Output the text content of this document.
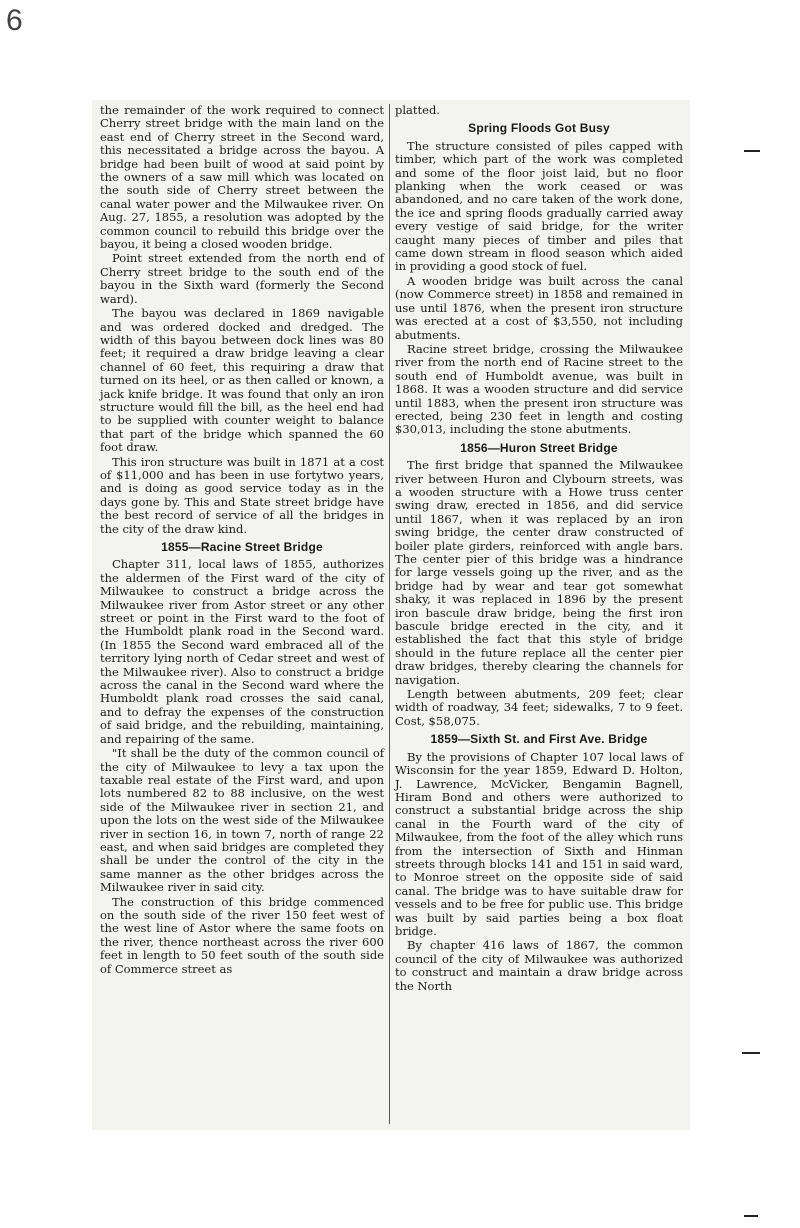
6

the remainder of the work required to connect Cherry street bridge with the main land on the east end of Cherry street in the Second ward, this necessitated a bridge across the bayou. A bridge had been built of wood at said point by the owners of a saw mill which was located on the south side of Cherry street between the canal water power and the Milwaukee river. On Aug. 27, 1855, a resolution was adopted by the common council to rebuild this bridge over the bayou, it being a closed wooden bridge.

Point street extended from the north end of Cherry street bridge to the south end of the bayou in the Sixth ward (formerly the Second ward).

The bayou was declared in 1869 navigable and was ordered docked and dredged. The width of this bayou between dock lines was 80 feet; it required a draw bridge leaving a clear channel of 60 feet, this requiring a draw that turned on its heel, or as then called or known, a jack knife bridge. It was found that only an iron structure would fill the bill, as the heel end had to be supplied with counter weight to balance that part of the bridge which spanned the 60 foot draw.

This iron structure was built in 1871 at a cost of $11,000 and has been in use fortytwo years, and is doing as good service today as in the days gone by. This and State street bridge have the best record of service of all the bridges in the city of the draw kind.

1855—Racine Street Bridge

Chapter 311, local laws of 1855, authorizes the aldermen of the First ward of the city of Milwaukee to construct a bridge across the Milwaukee river from Astor street or any other street or point in the First ward to the foot of the Humboldt plank road in the Second ward. (In 1855 the Second ward embraced all of the territory lying north of Cedar street and west of the Milwaukee river). Also to construct a bridge across the canal in the Second ward where the Humboldt plank road crosses the said canal, and to defray the expenses of the construction of said bridge, and the rebuilding, maintaining, and repairing of the same.

"It shall be the duty of the common council of the city of Milwaukee to levy a tax upon the taxable real estate of the First ward, and upon lots numbered 82 to 88 inclusive, on the west side of the Milwaukee river in section 21, and upon the lots on the west side of the Milwaukee river in section 16, in town 7, north of range 22 east, and when said bridges are completed they shall be under the control of the city in the same manner as the other bridges across the Milwaukee river in said city.

The construction of this bridge commenced on the south side of the river 150 feet west of the west line of Astor where the same foots on the river, thence northeast across the river 600 feet in length to 50 feet south of the south side of Commerce street as

platted.

Spring Floods Got Busy

The structure consisted of piles capped with timber, which part of the work was completed and some of the floor joist laid, but no floor planking when the work ceased or was abandoned, and no care taken of the work done, the ice and spring floods gradually carried away every vestige of said bridge, for the writer caught many pieces of timber and piles that came down stream in flood season which aided in providing a good stock of fuel.

A wooden bridge was built across the canal (now Commerce street) in 1858 and remained in use until 1876, when the present iron structure was erected at a cost of $3,550, not including abutments.

Racine street bridge, crossing the Milwaukee river from the north end of Racine street to the south end of Humboldt avenue, was built in 1868. It was a wooden structure and did service until 1883, when the present iron structure was erected, being 230 feet in length and costing $30,013, including the stone abutments.

1856—Huron Street Bridge

The first bridge that spanned the Milwaukee river between Huron and Clybourn streets, was a wooden structure with a Howe truss center swing draw, erected in 1856, and did service until 1867, when it was replaced by an iron swing bridge, the center draw constructed of boiler plate girders, reinforced with angle bars. The center pier of this bridge was a hindrance for large vessels going up the river, and as the bridge had by wear and tear got somewhat shaky, it was replaced in 1896 by the present iron bascule draw bridge, being the first iron bascule bridge erected in the city, and it established the fact that this style of bridge should in the future replace all the center pier draw bridges, thereby clearing the channels for navigation.

Length between abutments, 209 feet; clear width of roadway, 34 feet; sidewalks, 7 to 9 feet. Cost, $58,075.

1859—Sixth St. and First Ave. Bridge

By the provisions of Chapter 107 local laws of Wisconsin for the year 1859, Edward D. Holton, J. Lawrence, McVicker, Bengamin Bagnell, Hiram Bond and others were authorized to construct a substantial bridge across the ship canal in the Fourth ward of the city of Milwaukee, from the foot of the alley which runs from the intersection of Sixth and Hinman streets through blocks 141 and 151 in said ward, to Monroe street on the opposite side of said canal. The bridge was to have suitable draw for vessels and to be free for public use. This bridge was built by said parties being a box float bridge.

By chapter 416 laws of 1867, the common council of the city of Milwaukee was authorized to construct and maintain a draw bridge across the North
